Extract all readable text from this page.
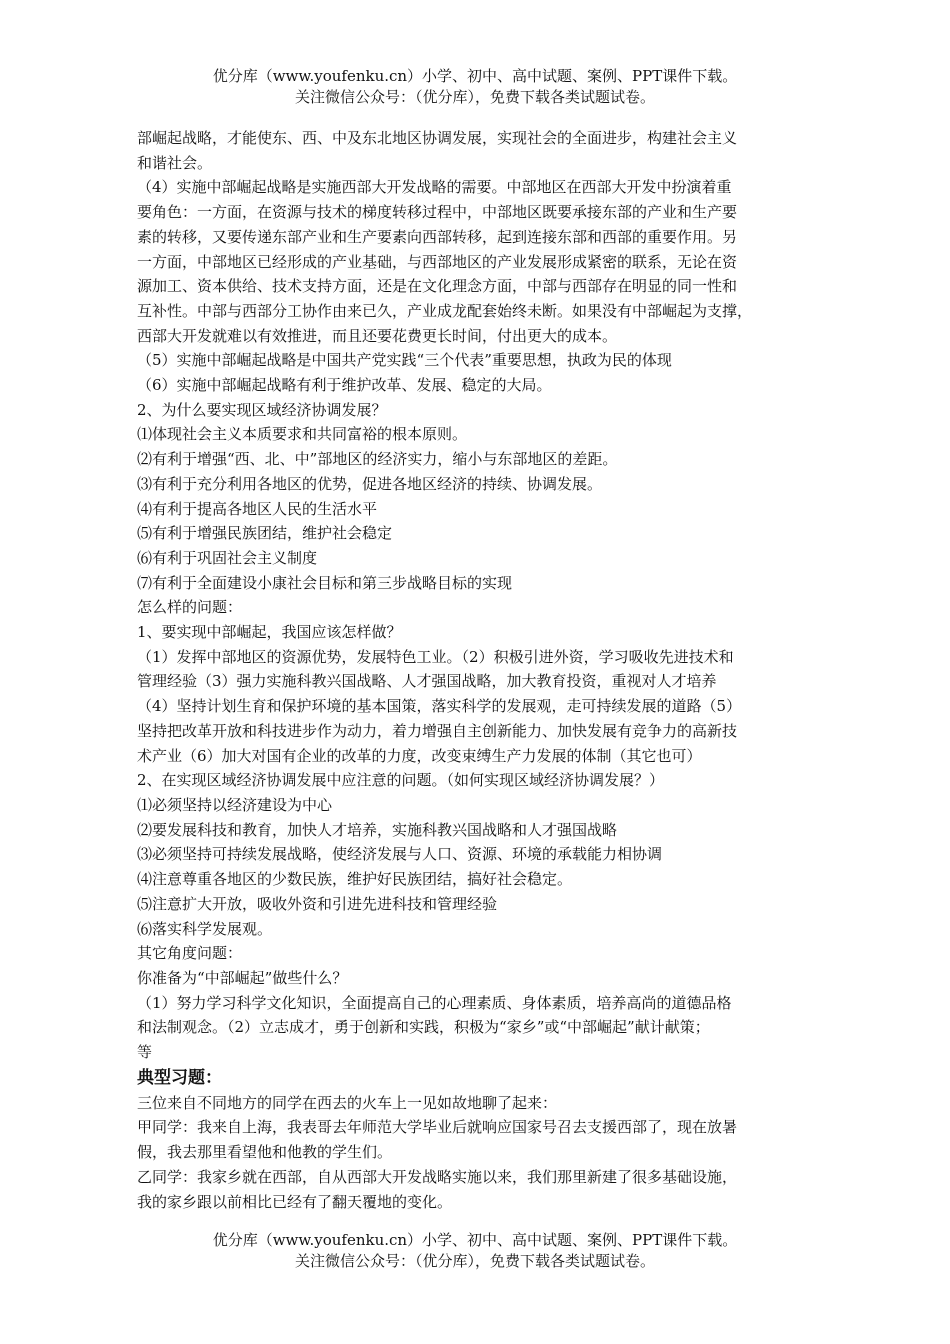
优分库（www.youfenku.cn）小学、初中、高中试题、案例、PPT课件下载。
关注微信公众号：（优分库），免费下载各类试题试卷。

部崛起战略，才能使东、西、中及东北地区协调发展，实现社会的全面进步，构建社会主义

和谐社会。

（4）实施中部崛起战略是实施西部大开发战略的需要。中部地区在西部大开发中扮演着重

要角色：一方面，在资源与技术的梯度转移过程中，中部地区既要承接东部的产业和生产要

素的转移，又要传递东部产业和生产要素向西部转移，起到连接东部和西部的重要作用。另

一方面，中部地区已经形成的产业基础，与西部地区的产业发展形成紧密的联系，无论在资

源加工、资本供给、技术支持方面，还是在文化理念方面，中部与西部存在明显的同一性和

互补性。中部与西部分工协作由来已久，产业成龙配套始终未断。如果没有中部崛起为支撑，

西部大开发就难以有效推进，而且还要花费更长时间，付出更大的成本。

（5）实施中部崛起战略是中国共产党实践“三个代表”重要思想，执政为民的体现

（6）实施中部崛起战略有利于维护改革、发展、稳定的大局。

2、为什么要实现区域经济协调发展？

⑴体现社会主义本质要求和共同富裕的根本原则。

⑵有利于增强“西、北、中”部地区的经济实力，缩小与东部地区的差距。

⑶有利于充分利用各地区的优势，促进各地区经济的持续、协调发展。

⑷有利于提高各地区人民的生活水平

⑸有利于增强民族团结，维护社会稳定

⑹有利于巩固社会主义制度

⑺有利于全面建设小康社会目标和第三步战略目标的实现

怎么样的问题：

1、要实现中部崛起，我国应该怎样做？

（1）发挥中部地区的资源优势，发展特色工业。（2）积极引进外资，学习吸收先进技术和

管理经验（3）强力实施科教兴国战略、人才强国战略，加大教育投资，重视对人才培养

（4）坚持计划生育和保护环境的基本国策，落实科学的发展观，走可持续发展的道路（5）

坚持把改革开放和科技进步作为动力，着力增强自主创新能力、加快发展有竞争力的高新技

术产业（6）加大对国有企业的改革的力度，改变束缚生产力发展的体制（其它也可）

2、在实现区域经济协调发展中应注意的问题。（如何实现区域经济协调发展？）

⑴必须坚持以经济建设为中心

⑵要发展科技和教育，加快人才培养，实施科教兴国战略和人才强国战略

⑶必须坚持可持续发展战略，使经济发展与人口、资源、环境的承载能力相协调

⑷注意尊重各地区的少数民族，维护好民族团结，搞好社会稳定。

⑸注意扩大开放，吸收外资和引进先进科技和管理经验

⑹落实科学发展观。

其它角度问题：

你准备为“中部崛起”做些什么？

（1）努力学习科学文化知识，全面提高自己的心理素质、身体素质，培养高尚的道德品格

和法制观念。（2）立志成才，勇于创新和实践，积极为“家乡”或“中部崛起”献计献策；

等

典型习题：

三位来自不同地方的同学在西去的火车上一见如故地聊了起来：

甲同学：我来自上海，我表哥去年师范大学毕业后就响应国家号召去支援西部了，现在放暑

假，我去那里看望他和他教的学生们。

乙同学：我家乡就在西部，自从西部大开发战略实施以来，我们那里新建了很多基础设施，

我的家乡跟以前相比已经有了翻天覆地的变化。

优分库（www.youfenku.cn）小学、初中、高中试题、案例、PPT课件下载。
关注微信公众号：（优分库），免费下载各类试题试卷。
